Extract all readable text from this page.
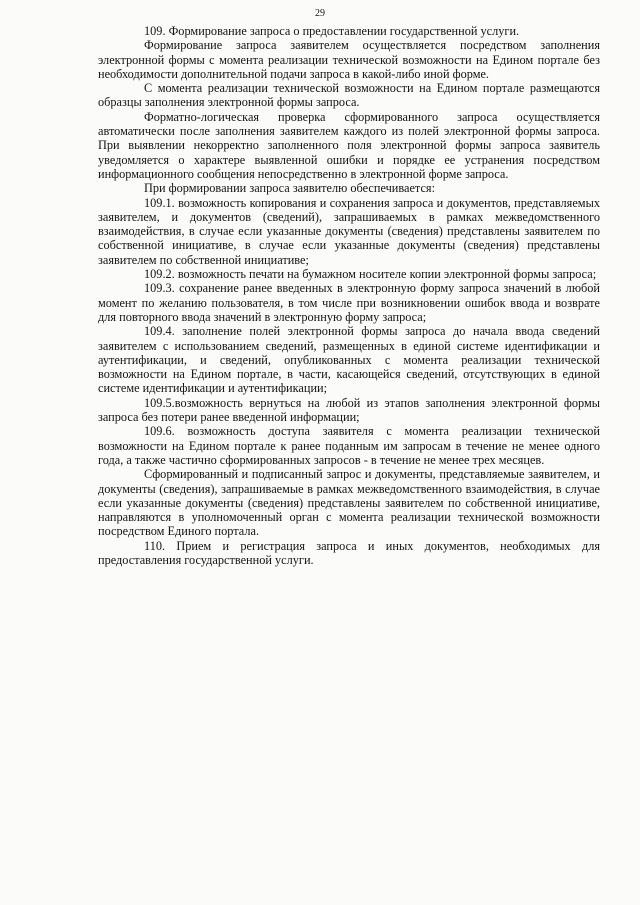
29

109. Формирование запроса о предоставлении государственной услуги.

Формирование запроса заявителем осуществляется посредством заполнения электронной формы с момента реализации технической возможности на Едином портале без необходимости дополнительной подачи запроса в какой-либо иной форме.

С момента реализации технической возможности на Едином портале размещаются образцы заполнения электронной формы запроса.

Форматно-логическая проверка сформированного запроса осуществляется автоматически после заполнения заявителем каждого из полей электронной формы запроса. При выявлении некорректно заполненного поля электронной формы запроса заявитель уведомляется о характере выявленной ошибки и порядке ее устранения посредством информационного сообщения непосредственно в электронной форме запроса.

При формировании запроса заявителю обеспечивается:

109.1. возможность копирования и сохранения запроса и документов, представляемых заявителем, и документов (сведений), запрашиваемых в рамках межведомственного взаимодействия, в случае если указанные документы (сведения) представлены заявителем по собственной инициативе, в случае если указанные документы (сведения) представлены заявителем по собственной инициативе;

109.2. возможность печати на бумажном носителе копии электронной формы запроса;

109.3. сохранение ранее введенных в электронную форму запроса значений в любой момент по желанию пользователя, в том числе при возникновении ошибок ввода и возврате для повторного ввода значений в электронную форму запроса;

109.4. заполнение полей электронной формы запроса до начала ввода сведений заявителем с использованием сведений, размещенных в единой системе идентификации и аутентификации, и сведений, опубликованных с момента реализации технической возможности на Едином портале, в части, касающейся сведений, отсутствующих в единой системе идентификации и аутентификации;

109.5.возможность вернуться на любой из этапов заполнения электронной формы запроса без потери ранее введенной информации;

109.6. возможность доступа заявителя с момента реализации технической возможности на Едином портале к ранее поданным им запросам в течение не менее одного года, а также частично сформированных запросов - в течение не менее трех месяцев.

Сформированный и подписанный запрос и документы, представляемые заявителем, и документы (сведения), запрашиваемые в рамках межведомственного взаимодействия, в случае если указанные документы (сведения) представлены заявителем по собственной инициативе, направляются в уполномоченный орган с момента реализации технической возможности посредством Единого портала.

110. Прием и регистрация запроса и иных документов, необходимых для предоставления государственной услуги.
